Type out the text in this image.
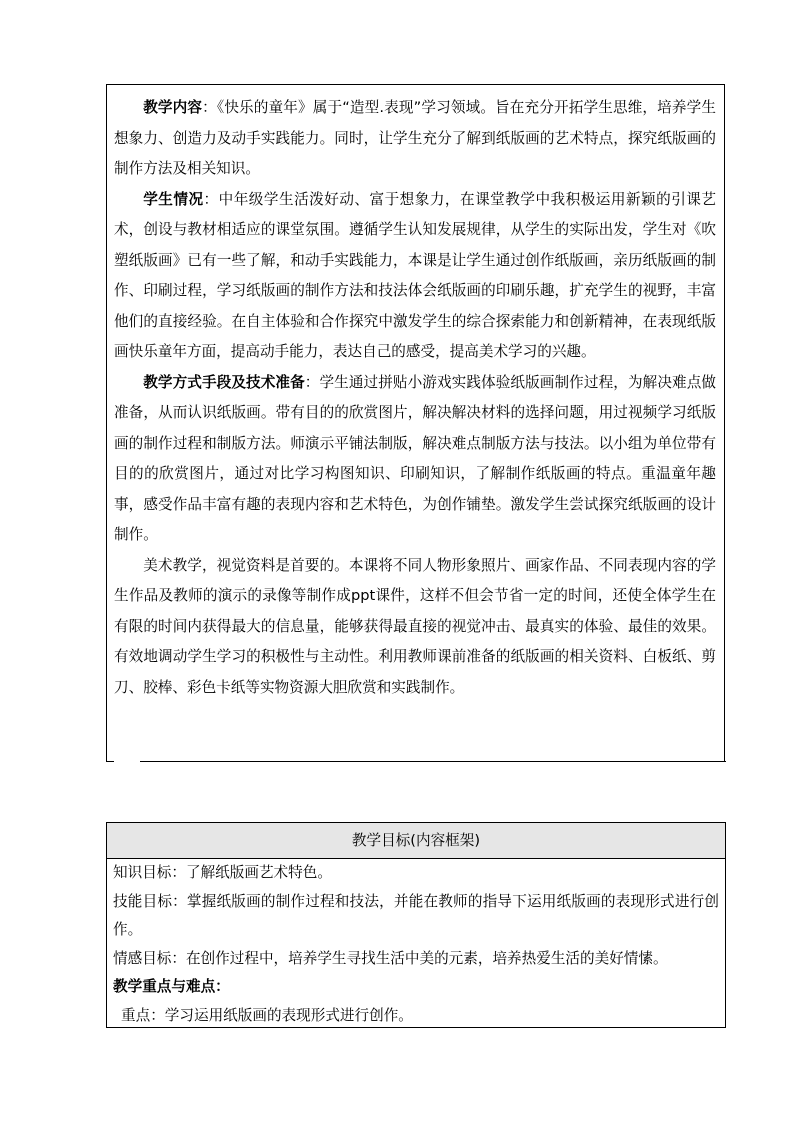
教学内容：《快乐的童年》属于“造型.表现”学习领域。旨在充分开拓学生思维，培养学生想象力、创造力及动手实践能力。同时，让学生充分了解到纸版画的艺术特点，探究纸版画的制作方法及相关知识。

学生情况：中年级学生活泼好动、富于想象力，在课堂教学中我积极运用新颖的引课艺术，创设与教材相适应的课堂氛围。遵循学生认知发展规律，从学生的实际出发，学生对《吹塑纸版画》已有一些了解，和动手实践能力，本课是让学生通过创作纸版画，亲历纸版画的制作、印刷过程，学习纸版画的制作方法和技法体会纸版画的印刷乐趣，扩充学生的视野，丰富他们的直接经验。在自主体验和合作探究中激发学生的综合探索能力和创新精神，在表现纸版画快乐童年方面，提高动手能力，表达自己的感受，提高美术学习的兴趣。

教学方式手段及技术准备：学生通过拼贴小游戏实践体验纸版画制作过程，为解决难点做准备，从而认识纸版画。带有目的的欣赏图片，解决解决材料的选择问题，用过视频学习纸版画的制作过程和制版方法。师演示平铺法制版，解决难点制版方法与技法。以小组为单位带有目的的欣赏图片，通过对比学习构图知识、印刷知识，了解制作纸版画的特点。重温童年趣事，感受作品丰富有趣的表现内容和艺术特色，为创作铺垫。激发学生尝试探究纸版画的设计制作。

美术教学，视觉资料是首要的。本课将不同人物形象照片、画家作品、不同表现内容的学生作品及教师的演示的录像等制作成ppt课件，这样不但会节省一定的时间，还使全体学生在有限的时间内获得最大的信息量，能够获得最直接的视觉冲击、最真实的体验、最佳的效果。有效地调动学生学习的积极性与主动性。利用教师课前准备的纸版画的相关资料、白板纸、剪刀、胶棒、彩色卡纸等实物资源大胆欣赏和实践制作。

教学目标(内容框架)
知识目标：了解纸版画艺术特色。
技能目标：掌握纸版画的制作过程和技法，并能在教师的指导下运用纸版画的表现形式进行创作。
情感目标：在创作过程中，培养学生寻找生活中美的元素，培养热爱生活的美好情愫。
教学重点与难点：
重点：学习运用纸版画的表现形式进行创作。
